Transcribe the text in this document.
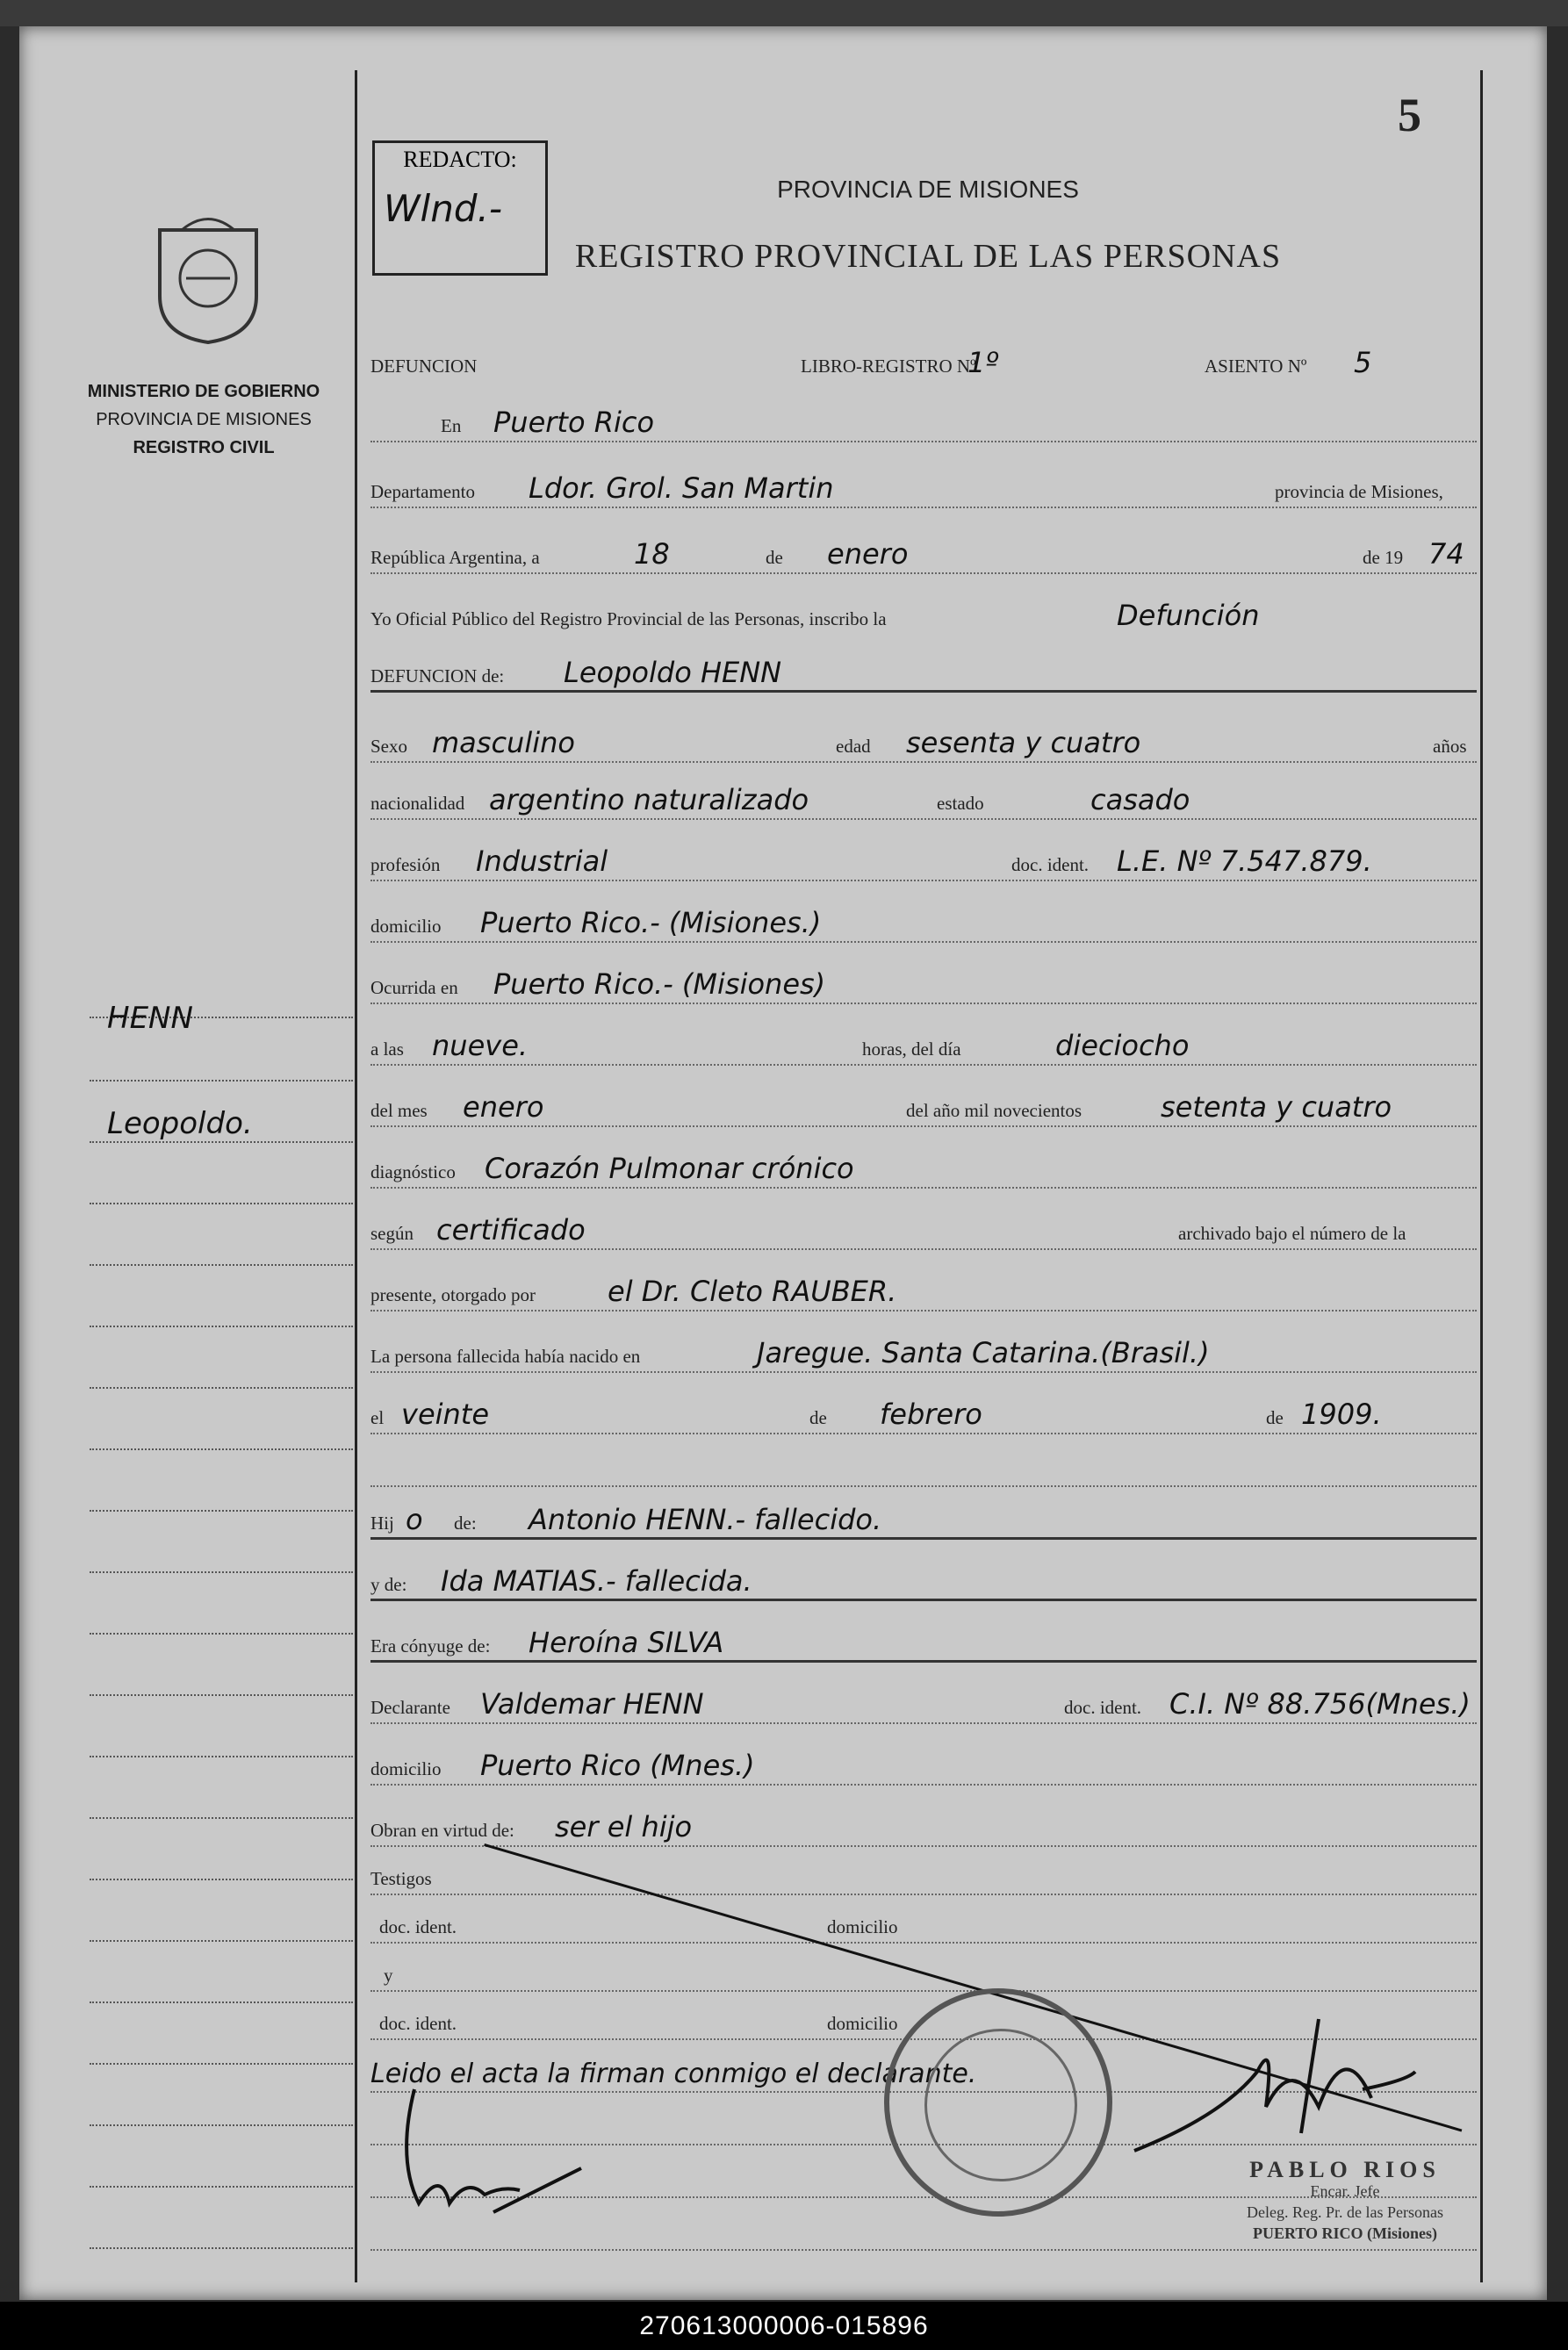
MINISTERIO DE GOBIERNO
PROVINCIA DE MISIONES
REGISTRO CIVIL
HENN
Leopoldo.
REDACTO:
Wlnd.-
5
PROVINCIA DE MISIONES
REGISTRO PROVINCIAL DE LAS PERSONAS
DEFUNCION	LIBRO-REGISTRO Nº
1º	ASIENTO Nº 5
En Puerto Rico
Departamento Ldor. Grol. San Martin	provincia de Misiones,
República Argentina, a	18	de enero	de 19 74
Yo Oficial Público del Registro Provincial de las Personas, inscribo la	Defunción
DEFUNCION de: Leopoldo HENN
Sexo masculino	edad sesenta y cuatro	años
nacionalidad argentino naturalizado	estado	casado
profesión Industrial	doc. ident. L.E. Nº 7.547.879.
domicilio Puerto Rico.- (Misiones.)
Ocurrida en Puerto Rico.- (Misiones)
a las nueve.	horas, del día	dieciocho
del mes enero	del año mil novecientos	setenta y cuatro
diagnóstico Corazón Pulmonar crónico
según certificado	archivado bajo el número de la
presente, otorgado por	el Dr. Cleto RAUBER.
La persona fallecida había nacido en	Jaregue. Santa Catarina.(Brasil.)
el veinte	de febrero	de 1909.
Hij o de: Antonio HENN.- fallecido.
y de: Ida MATIAS.- fallecida.
Era cónyuge de: Heroína SILVA
Declarante Valdemar HENN	doc. ident. C.I. Nº 88.756(Mnes.)
domicilio Puerto Rico (Mnes.)
Obran en virtud de: ser el hijo
Testigos
doc. ident.	domicilio
y
doc. ident.	domicilio
Leido el acta la firman conmigo el declarante.
PABLO RIOS
Encar. Jefe
Deleg. Reg. Pr. de las Personas
PUERTO RICO (Misiones)
270613000006-015896
